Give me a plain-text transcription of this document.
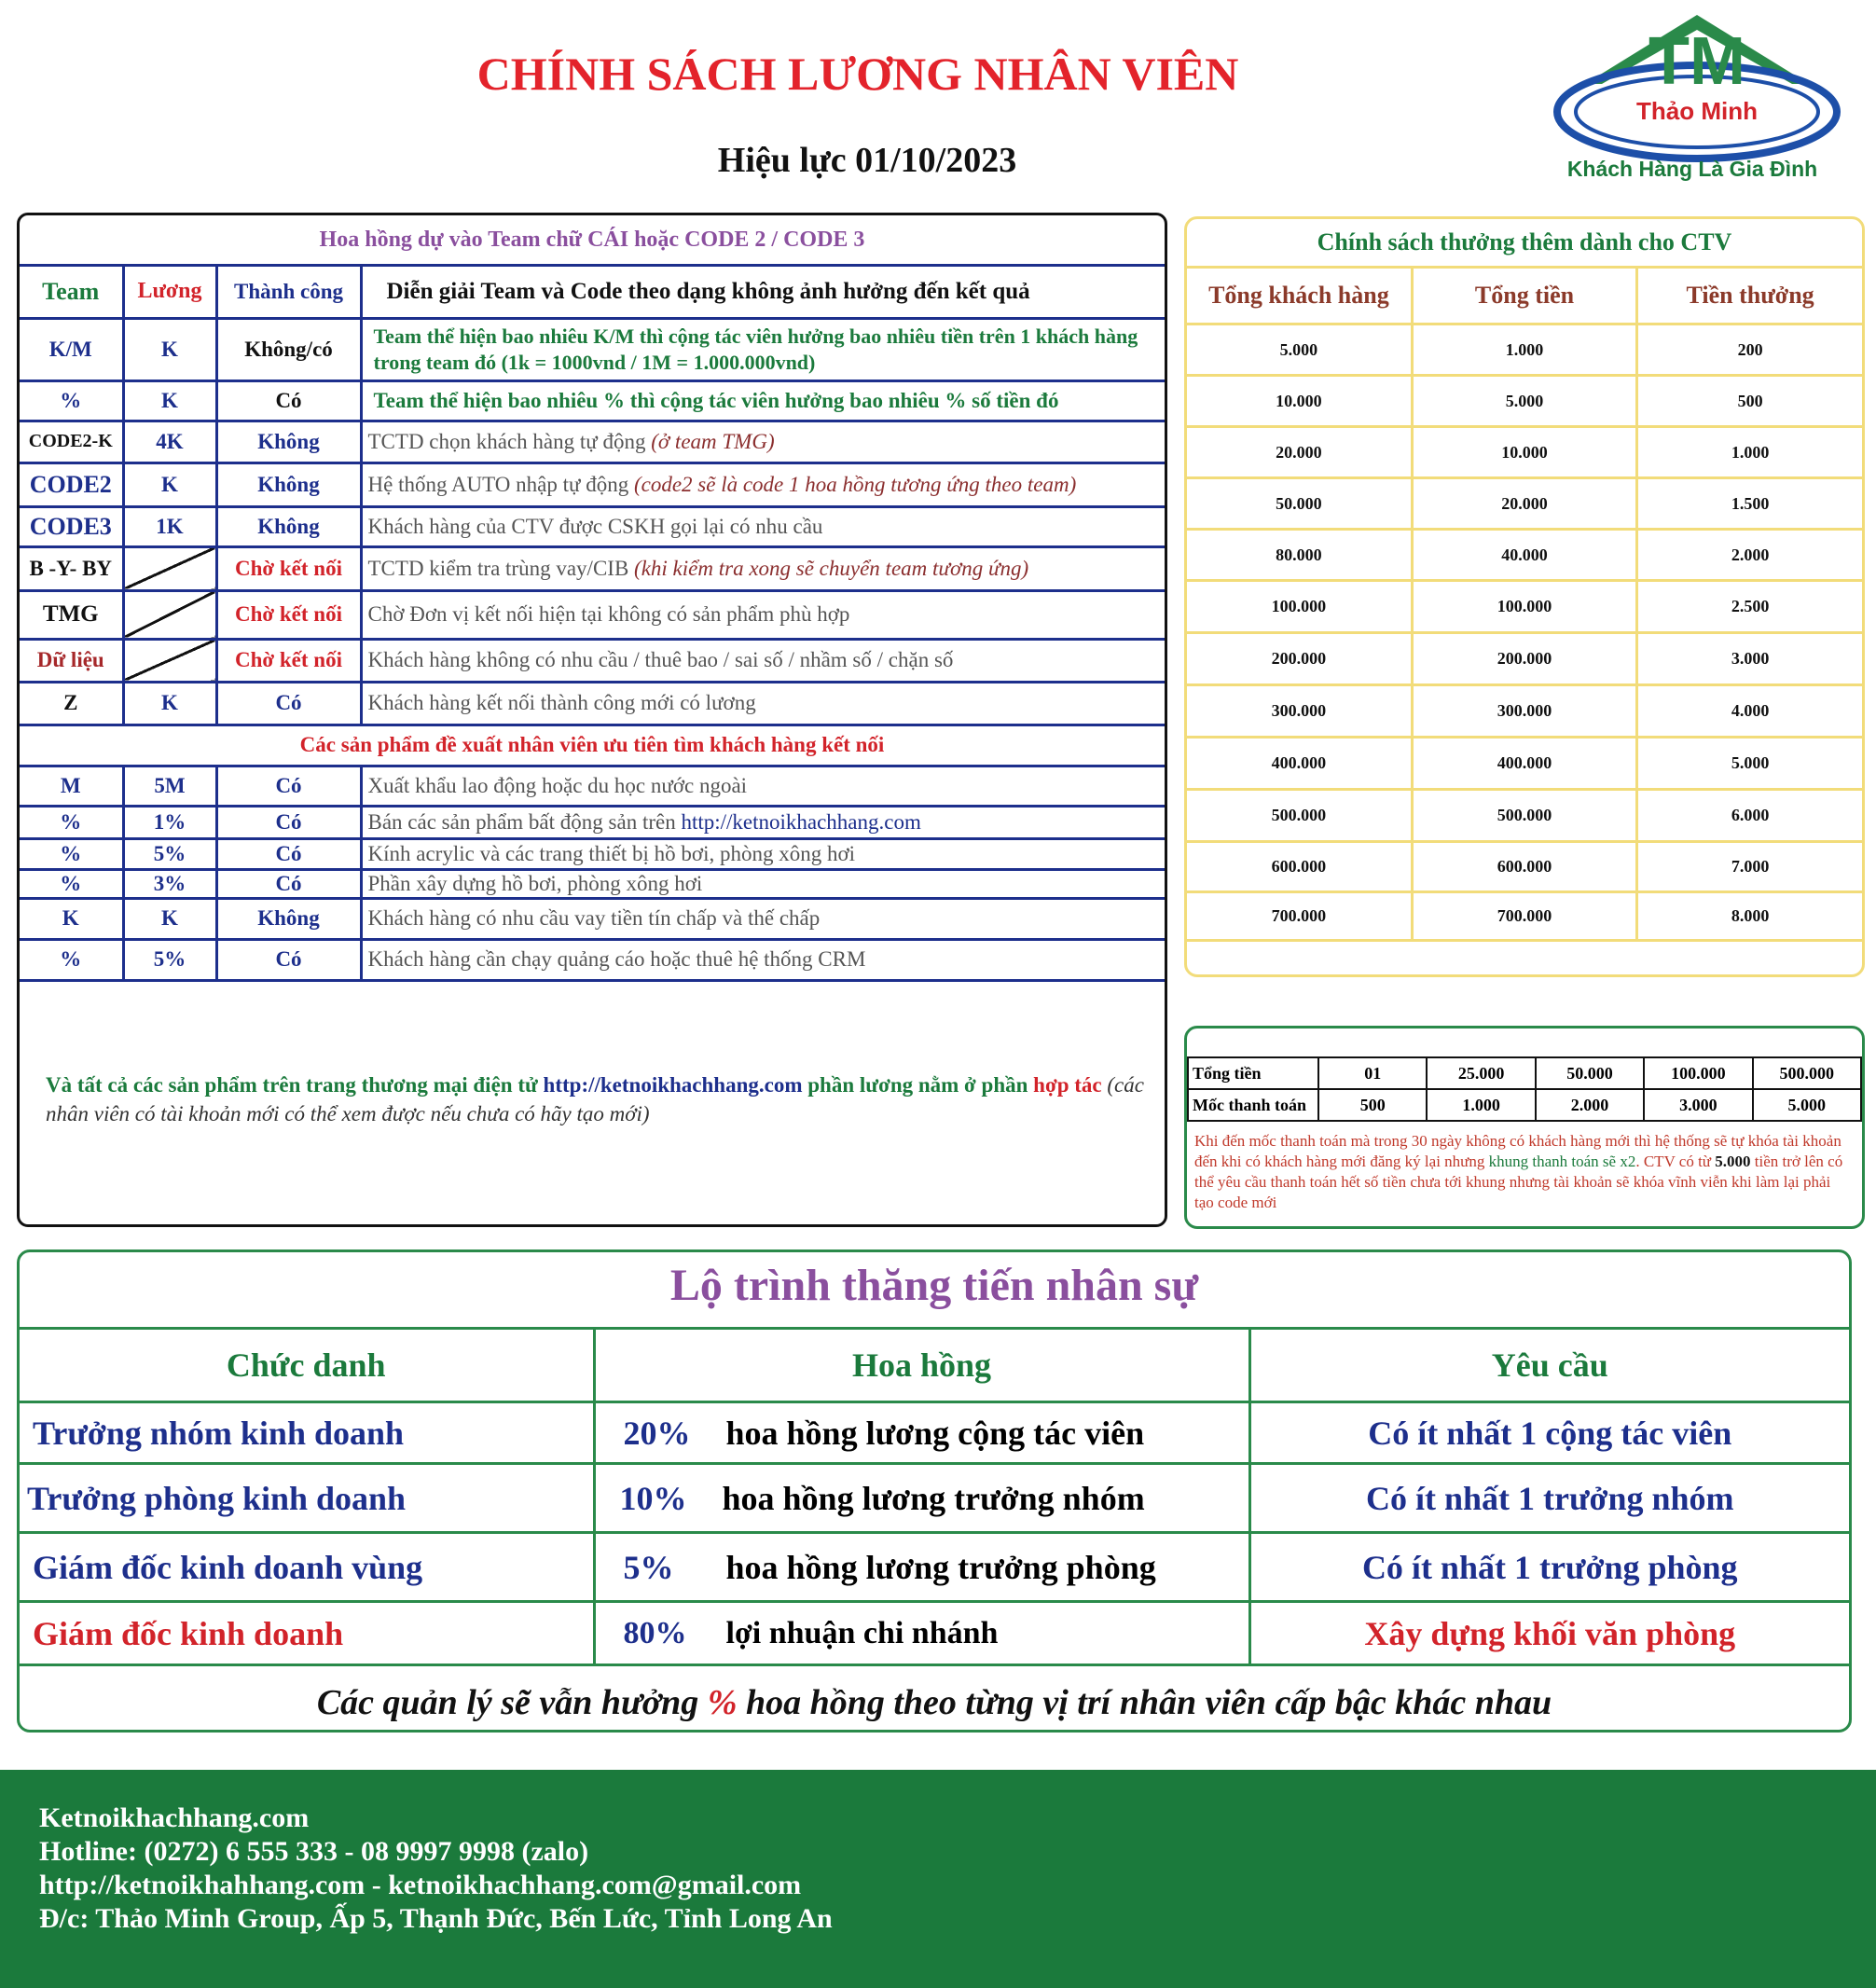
CHÍNH SÁCH LƯƠNG NHÂN VIÊN
Hiệu lực 01/10/2023
TM
Thảo Minh
Khách Hàng Là Gia Đình
Hoa hồng dự vào Team chữ CÁI hoặc CODE 2 / CODE 3
Team	Lương	Thành công	Diễn giải Team và Code theo dạng không ảnh hưởng đến kết quả
K/M	K	Không/có	Team thể hiện bao nhiêu K/M thì cộng tác viên hưởng bao nhiêu tiền trên 1 khách hàng trong team đó (1k = 1000vnd / 1M = 1.000.000vnd)
%	K	Có	Team thể hiện bao nhiêu % thì cộng tác viên hưởng bao nhiêu % số tiền đó
CODE2-K	4K	Không	TCTD chọn khách hàng tự động (ở team TMG)
CODE2	K	Không	Hệ thống AUTO nhập tự động (code2 sẽ là code 1 hoa hồng tương ứng theo team)
CODE3	1K	Không	Khách hàng của CTV được CSKH gọi lại có nhu cầu
B -Y- BY		Chờ kết nối	TCTD kiểm tra trùng vay/CIB (khi kiểm tra xong sẽ chuyển team tương ứng)
TMG		Chờ kết nối	Chờ Đơn vị kết nối hiện tại không có sản phẩm phù hợp
Dữ liệu		Chờ kết nối	Khách hàng không có nhu cầu / thuê bao / sai số / nhầm số / chặn số
Z	K	Có	Khách hàng kết nối thành công mới có lương
Các sản phẩm đề xuất nhân viên ưu tiên tìm khách hàng kết nối			
M	5M	Có	Xuất khẩu lao động hoặc du học nước ngoài
%	1%	Có	Bán các sản phẩm bất động sản trên http://ketnoikhachhang.com
%	5%	Có	Kính acrylic và các trang thiết bị hồ bơi, phòng xông hơi
%	3%	Có	Phần xây dựng hồ bơi, phòng xông hơi
K	K	Không	Khách hàng có nhu cầu vay tiền tín chấp và thế chấp
%	5%	Có	Khách hàng cần chạy quảng cáo hoặc thuê hệ thống CRM
Và tất cả các sản phẩm trên trang thương mại điện tử http://ketnoikhachhang.com phần lương nằm ở phần hợp tác (các nhân viên có tài khoản mới có thể xem được nếu chưa có hãy tạo mới)
Chính sách thưởng thêm dành cho CTV
Tổng khách hàng	Tổng tiền	Tiền thưởng
5.000	1.000	200
10.000	5.000	500
20.000	10.000	1.000
50.000	20.000	1.500
80.000	40.000	2.000
100.000	100.000	2.500
200.000	200.000	3.000
300.000	300.000	4.000
400.000	400.000	5.000
500.000	500.000	6.000
600.000	600.000	7.000
700.000	700.000	8.000
Tổng tiền	01	25.000	50.000	100.000	500.000
Mốc thanh toán	500	1.000	2.000	3.000	5.000
Khi đến mốc thanh toán mà trong 30 ngày không có khách hàng mới thì hệ thống sẽ tự khóa tài khoản đến khi có khách hàng mới đăng ký lại nhưng khung thanh toán sẽ x2. CTV có từ 5.000 tiền trở lên có thể yêu cầu thanh toán hết số tiền chưa tới khung nhưng tài khoản sẽ khóa vĩnh viễn khi làm lại phải tạo code mới
Lộ trình thăng tiến nhân sự
Chức danh	Hoa hồng	Yêu cầu
Trưởng nhóm kinh doanh	20% hoa hồng lương cộng tác viên	Có ít nhất 1 cộng tác viên
Trưởng phòng kinh doanh	10% hoa hồng lương trưởng nhóm	Có ít nhất 1 trưởng nhóm
Giám đốc kinh doanh vùng	5% hoa hồng lương trưởng phòng	Có ít nhất 1 trưởng phòng
Giám đốc kinh doanh	80% lợi nhuận chi nhánh	Xây dựng khối văn phòng
Các quản lý sẽ vẫn hưởng % hoa hồng theo từng vị trí nhân viên cấp bậc khác nhau
Ketnoikhachhang.com
Hotline: (0272) 6 555 333 - 08 9997 9998 (zalo)
http://ketnoikhahhang.com - ketnoikhachhang.com@gmail.com
Đ/c: Thảo Minh Group, Ấp 5, Thạnh Đức, Bến Lức, Tỉnh Long An
